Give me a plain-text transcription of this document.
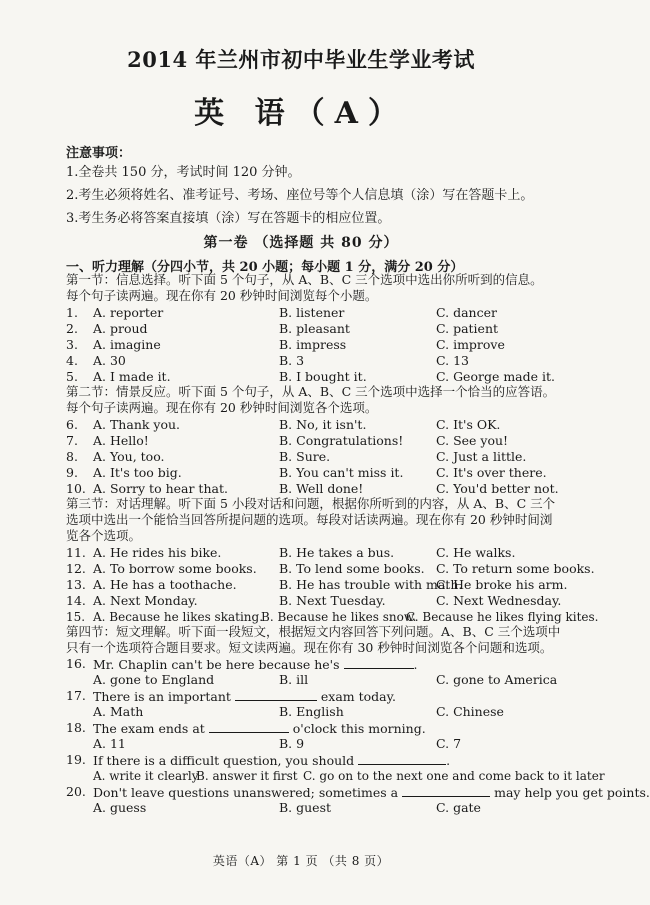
2014 年兰州市初中毕业生学业考试
英 语（A）
注意事项：
1.全卷共 150 分，考试时间 120 分钟。
2.考生必须将姓名、准考证号、考场、座位号等个人信息填（涂）写在答题卡上。
3.考生务必将答案直接填（涂）写在答题卡的相应位置。
第一卷 （选择题 共 80 分）
一、听力理解（分四小节，共 20 小题；每小题 1 分，满分 20 分）
第一节：信息选择。听下面 5 个句子，从 A、B、C 三个选项中选出你所听到的信息。
每个句子读两遍。现在你有 20 秒钟时间浏览每个小题。
1. A. reporter	B. listener	C. dancer
2. A. proud	B. pleasant	C. patient
3. A. imagine	B. impress	C. improve
4. A. 30	B. 3	C. 13
5. A. I made it.	B. I bought it.	C. George made it.
第二节：情景反应。听下面 5 个句子，从 A、B、C 三个选项中选择一个恰当的应答语。
每个句子读两遍。现在你有 20 秒钟时间浏览各个选项。
6. A. Thank you.	B. No, it isn't.	C. It's OK.
7. A. Hello!	B. Congratulations!	C. See you!
8. A. You, too.	B. Sure.	C. Just a little.
9. A. It's too big.	B. You can't miss it.	C. It's over there.
10. A. Sorry to hear that.	B. Well done!	C. You'd better not.
第三节：对话理解。听下面 5 小段对话和问题，根据你所听到的内容，从 A、B、C 三个
选项中选出一个能恰当回答所提问题的选项。每段对话读两遍。现在你有 20 秒钟时间浏
览各个选项。
11. A. He rides his bike.	B. He takes a bus.	C. He walks.
12. A. To borrow some books. B. To lend some books. C. To return some books.
13. A. He has a toothache.	B. He has trouble with math.
C. He broke his arm.
14. A. Next Monday.	B. Next Tuesday.	C. Next Wednesday.
15. A. Because he likes skating.
B. Because he likes snow.
C. Because he likes flying kites.
第四节：短文理解。听下面一段短文，根据短文内容回答下列问题。A、B、C 三个选项中
只有一个选项符合题目要求。短文读两遍。现在你有 30 秒钟时间浏览各个问题和选项。
16. Mr. Chaplin can't be here because he's	.
A. gone to England	B. ill	C. gone to America
17. There is an important	exam today.
A. Math	B. English	C. Chinese
18. The exam ends at	o'clock this morning.
A. 11	B. 9	C. 7
19. If there is a difficult question, you should	.
A. write it clearly
B. answer it first C. go on to the next one and come back to it later
20. Don't leave questions unanswered; sometimes a	may help you get points.
A. guess	B. guest	C. gate
英语（A） 第 1 页 （共 8 页）
